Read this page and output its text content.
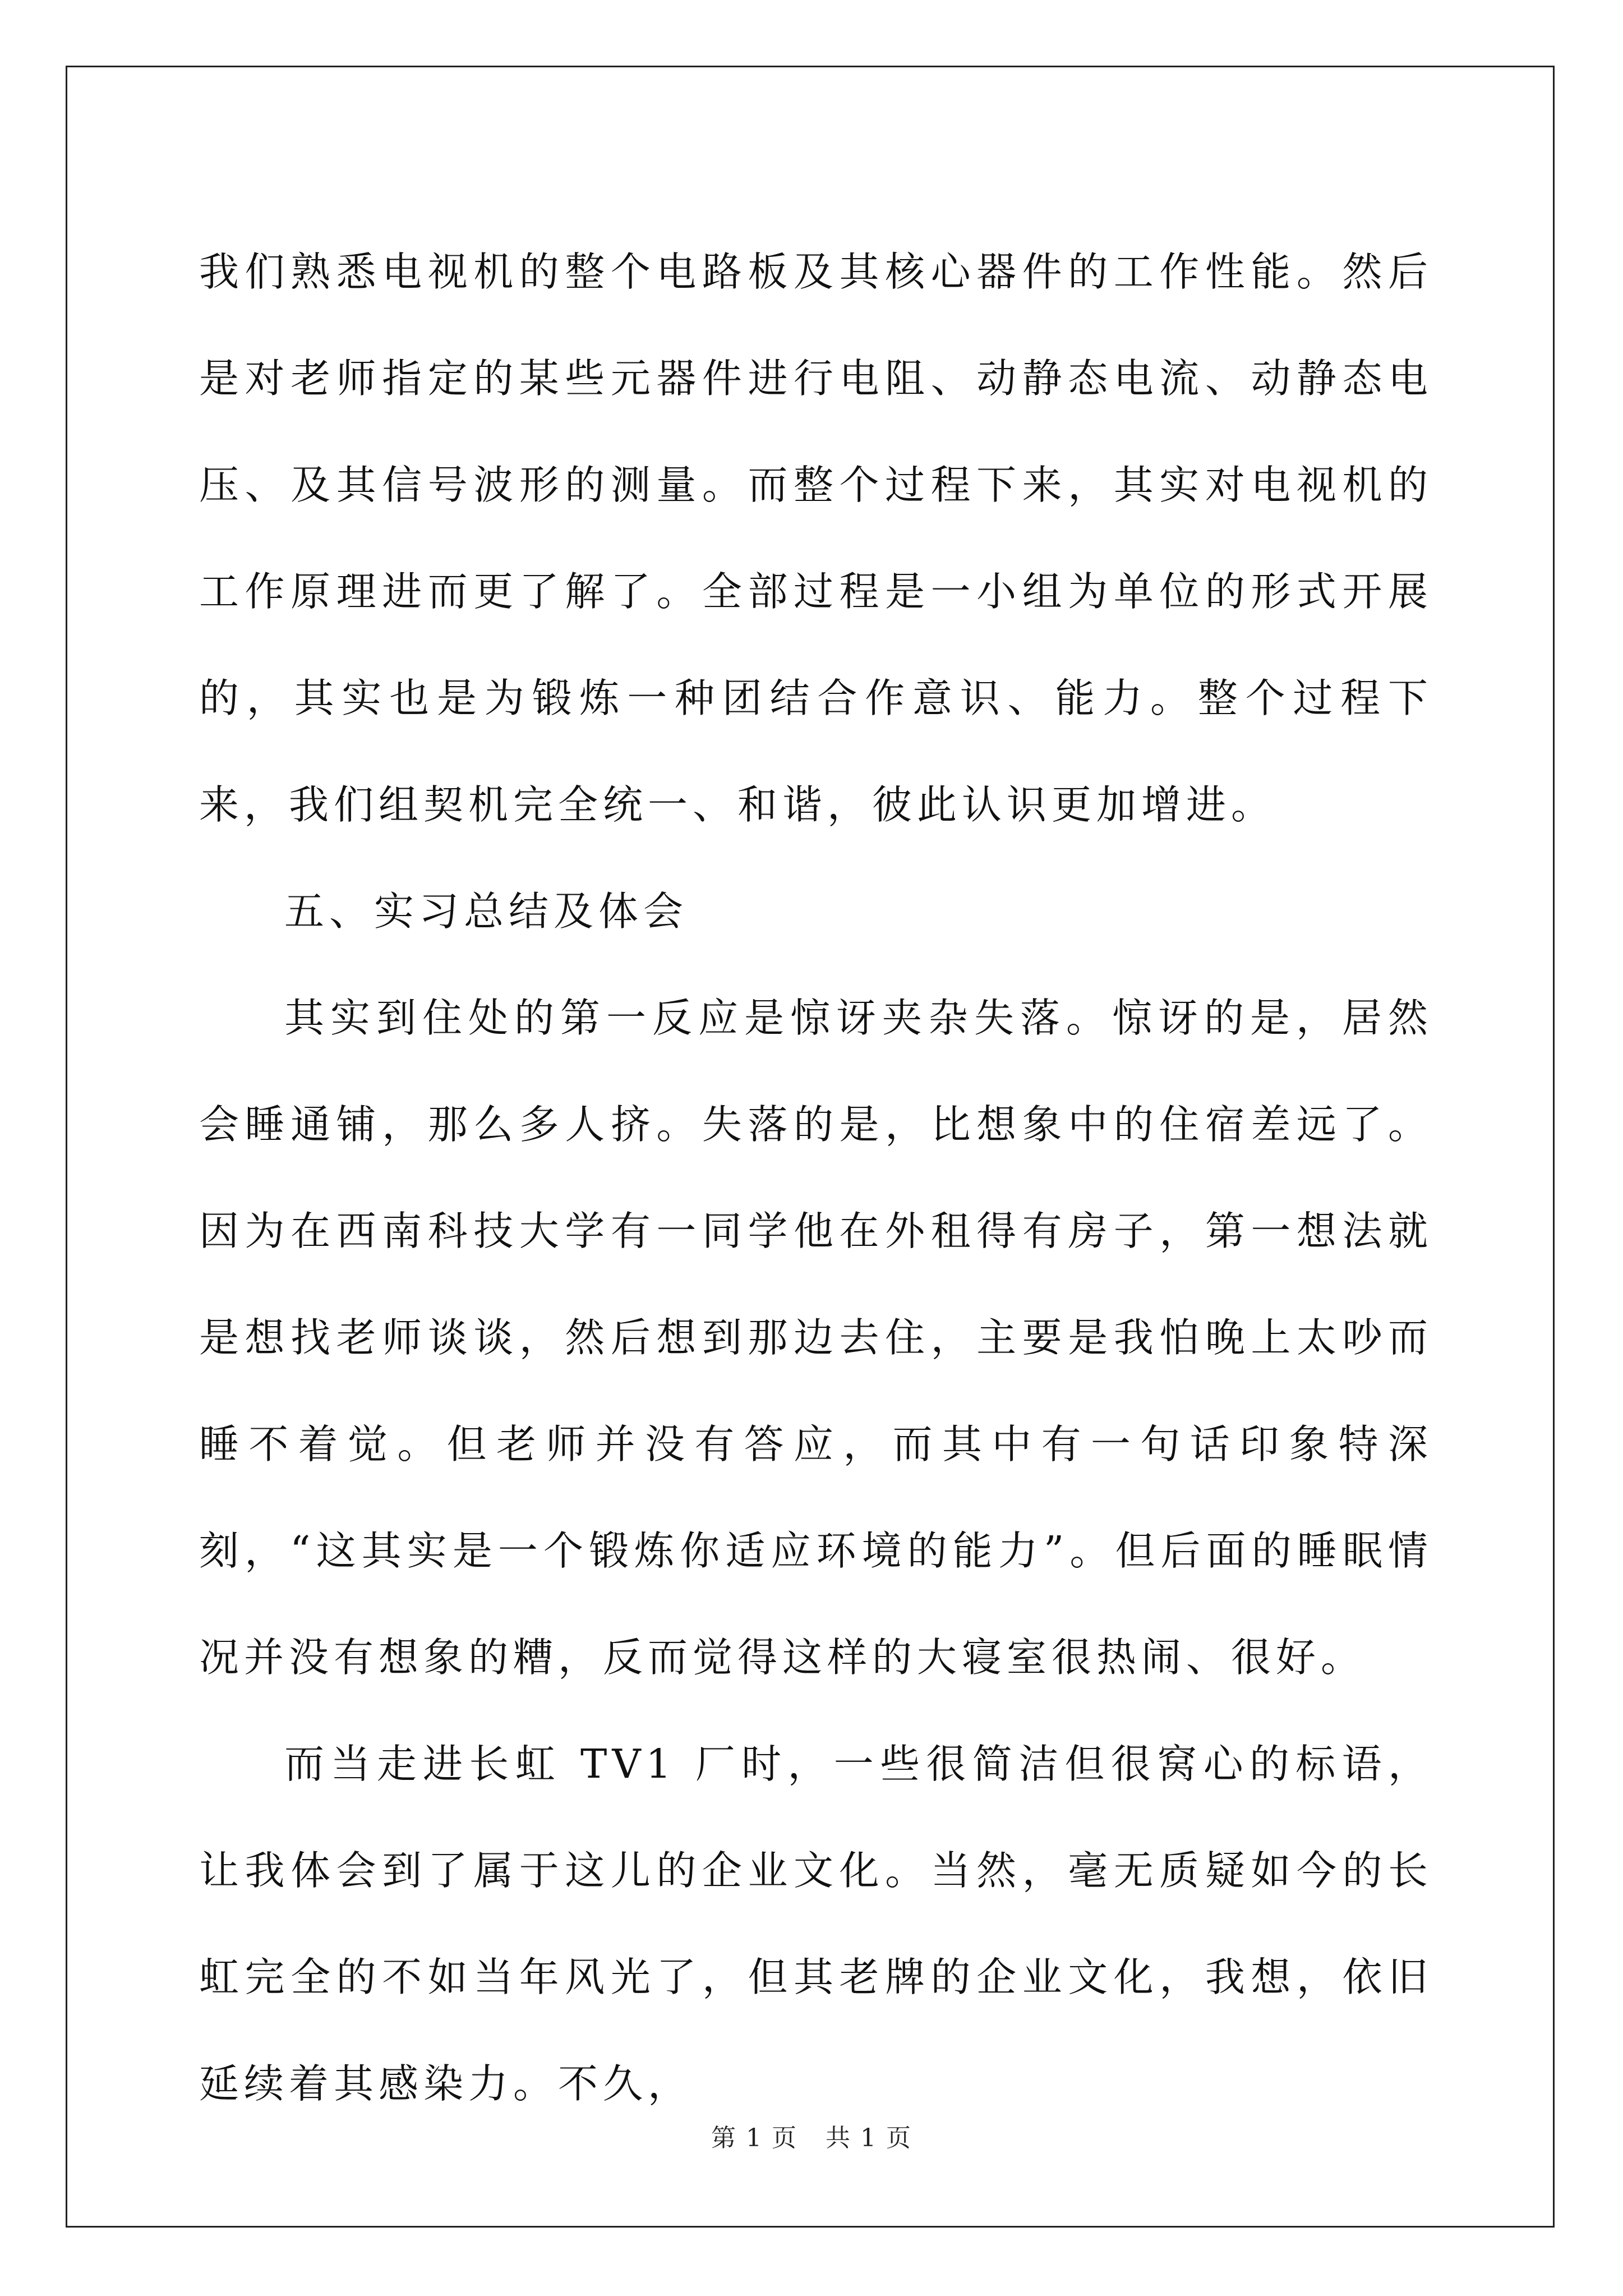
我们熟悉电视机的整个电路板及其核心器件的工作性能。然后是对老师指定的某些元器件进行电阻、动静态电流、动静态电压、及其信号波形的测量。而整个过程下来，其实对电视机的工作原理进而更了解了。全部过程是一小组为单位的形式开展的，其实也是为锻炼一种团结合作意识、能力。整个过程下来，我们组契机完全统一、和谐，彼此认识更加增进。

五、实习总结及体会

其实到住处的第一反应是惊讶夹杂失落。惊讶的是，居然会睡通铺，那么多人挤。失落的是，比想象中的住宿差远了。因为在西南科技大学有一同学他在外租得有房子，第一想法就是想找老师谈谈，然后想到那边去住，主要是我怕晚上太吵而睡不着觉。但老师并没有答应，而其中有一句话印象特深刻，“这其实是一个锻炼你适应环境的能力”。但后面的睡眠情况并没有想象的糟，反而觉得这样的大寝室很热闹、很好。

而当走进长虹 TV1 厂时，一些很简洁但很窝心的标语，让我体会到了属于这儿的企业文化。当然，毫无质疑如今的长虹完全的不如当年风光了，但其老牌的企业文化，我想，依旧延续着其感染力。不久，

第 1 页 共 1 页
